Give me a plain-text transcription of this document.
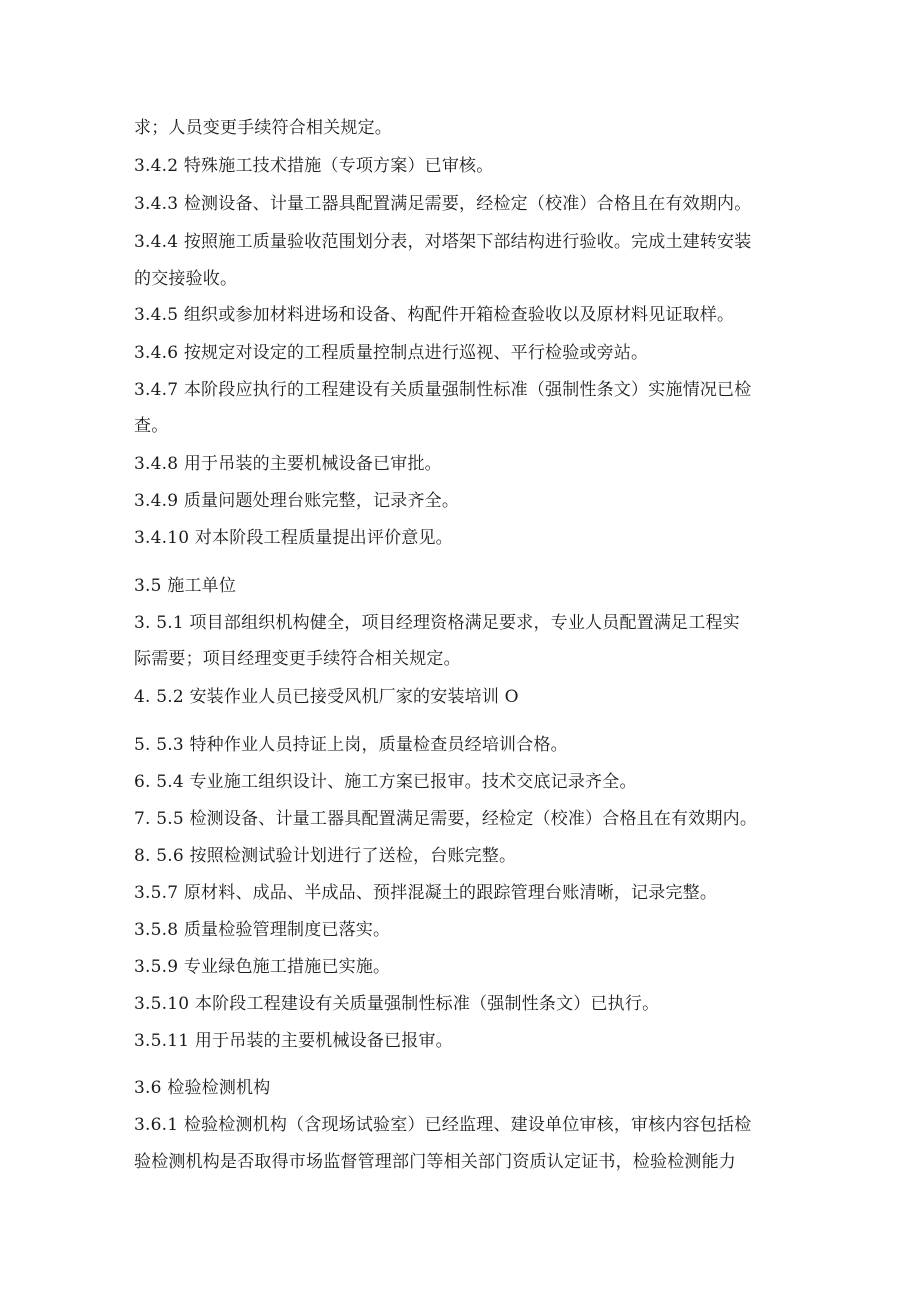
求；人员变更手续符合相关规定。
3.4.2 特殊施工技术措施（专项方案）已审核。
3.4.3 检测设备、计量工器具配置满足需要，经检定（校准）合格且在有效期内。
3.4.4 按照施工质量验收范围划分表，对塔架下部结构进行验收。完成土建转安装
的交接验收。
3.4.5 组织或参加材料进场和设备、构配件开箱检查验收以及原材料见证取样。
3.4.6 按规定对设定的工程质量控制点进行巡视、平行检验或旁站。
3.4.7 本阶段应执行的工程建设有关质量强制性标准（强制性条文）实施情况已检
查。
3.4.8 用于吊装的主要机械设备已审批。
3.4.9 质量问题处理台账完整，记录齐全。
3.4.10 对本阶段工程质量提出评价意见。
3.5 施工单位
3. 5.1 项目部组织机构健全，项目经理资格满足要求，专业人员配置满足工程实
际需要；项目经理变更手续符合相关规定。
4. 5.2 安装作业人员已接受风机厂家的安装培训 O
5. 5.3 特种作业人员持证上岗，质量检查员经培训合格。
6. 5.4 专业施工组织设计、施工方案已报审。技术交底记录齐全。
7. 5.5 检测设备、计量工器具配置满足需要，经检定（校准）合格且在有效期内。
8. 5.6 按照检测试验计划进行了送检，台账完整。
3.5.7 原材料、成品、半成品、预拌混凝土的跟踪管理台账清晰，记录完整。
3.5.8 质量检验管理制度已落实。
3.5.9 专业绿色施工措施已实施。
3.5.10 本阶段工程建设有关质量强制性标准（强制性条文）已执行。
3.5.11 用于吊装的主要机械设备已报审。
3.6 检验检测机构
3.6.1 检验检测机构（含现场试验室）已经监理、建设单位审核，审核内容包括检
验检测机构是否取得市场监督管理部门等相关部门资质认定证书，检验检测能力
